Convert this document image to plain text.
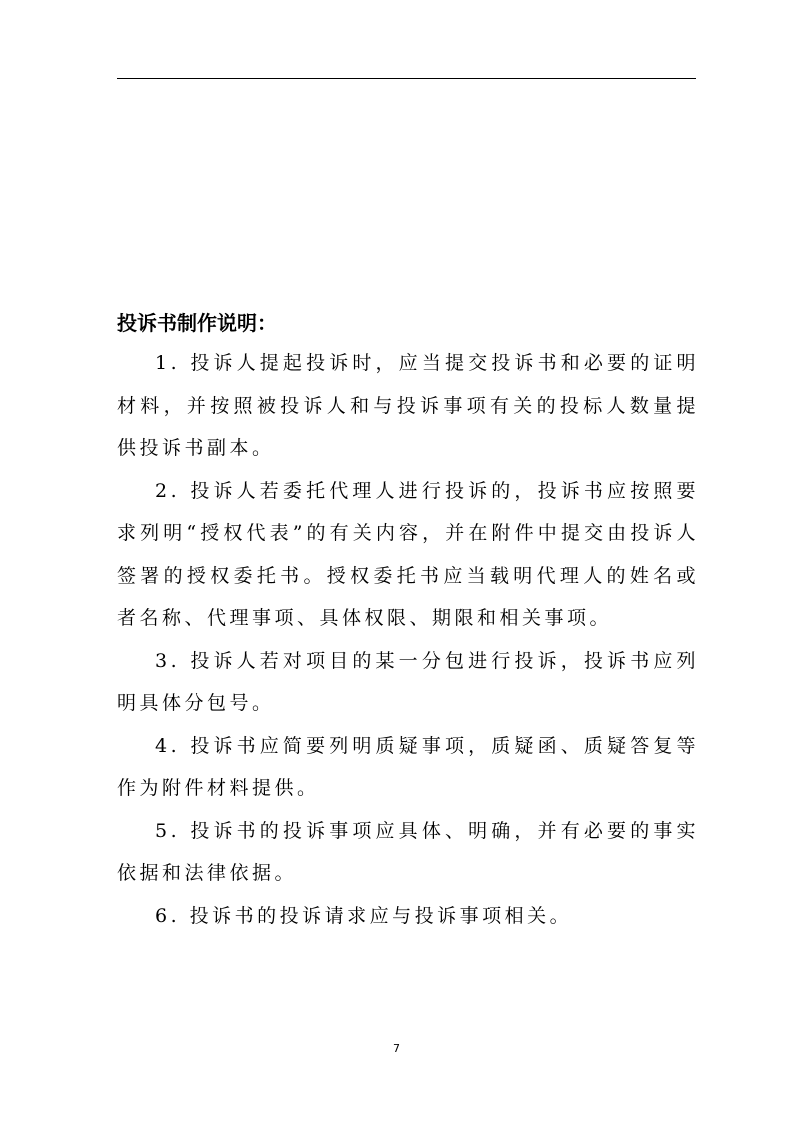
投诉书制作说明：

1. 投诉人提起投诉时，应当提交投诉书和必要的证明材料，并按照被投诉人和与投诉事项有关的投标人数量提供投诉书副本。

2. 投诉人若委托代理人进行投诉的，投诉书应按照要求列明“授权代表”的有关内容，并在附件中提交由投诉人签署的授权委托书。授权委托书应当载明代理人的姓名或者名称、代理事项、具体权限、期限和相关事项。

3. 投诉人若对项目的某一分包进行投诉，投诉书应列明具体分包号。

4. 投诉书应简要列明质疑事项，质疑函、质疑答复等作为附件材料提供。

5. 投诉书的投诉事项应具体、明确，并有必要的事实依据和法律依据。

6. 投诉书的投诉请求应与投诉事项相关。

7
